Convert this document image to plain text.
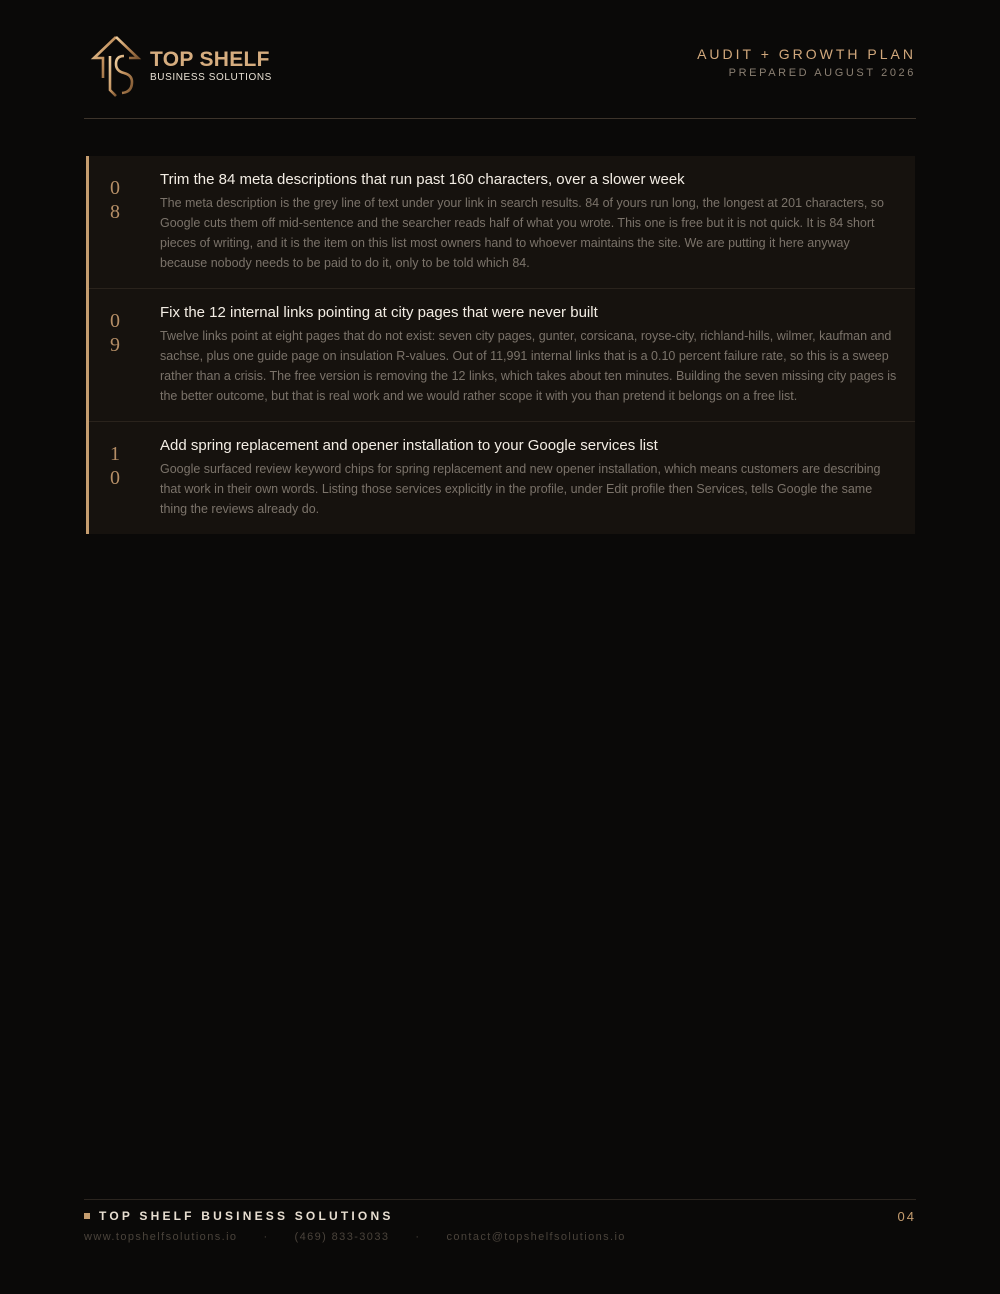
TOP SHELF
BUSINESS SOLUTIONS
AUDIT + GROWTH PLAN
PREPARED AUGUST 2026
0
8
Trim the 84 meta descriptions that run past 160 characters, over a slower week
The meta description is the grey line of text under your link in search results. 84 of yours run long, the longest at 201 characters, so Google cuts them off mid-sentence and the searcher reads half of what you wrote. This one is free but it is not quick. It is 84 short pieces of writing, and it is the item on this list most owners hand to whoever maintains the site. We are putting it here anyway because nobody needs to be paid to do it, only to be told which 84.
0
9
Fix the 12 internal links pointing at city pages that were never built
Twelve links point at eight pages that do not exist: seven city pages, gunter, corsicana, royse-city, richland-hills, wilmer, kaufman and sachse, plus one guide page on insulation R-values. Out of 11,991 internal links that is a 0.10 percent failure rate, so this is a sweep rather than a crisis. The free version is removing the 12 links, which takes about ten minutes. Building the seven missing city pages is the better outcome, but that is real work and we would rather scope it with you than pretend it belongs on a free list.
1
0
Add spring replacement and opener installation to your Google services list
Google surfaced review keyword chips for spring replacement and new opener installation, which means customers are describing that work in their own words. Listing those services explicitly in the profile, under Edit profile then Services, tells Google the same thing the reviews already do.
TOP SHELF BUSINESS SOLUTIONS	04
www.topshelfsolutions.io · (469) 833-3033 · contact@topshelfsolutions.io
